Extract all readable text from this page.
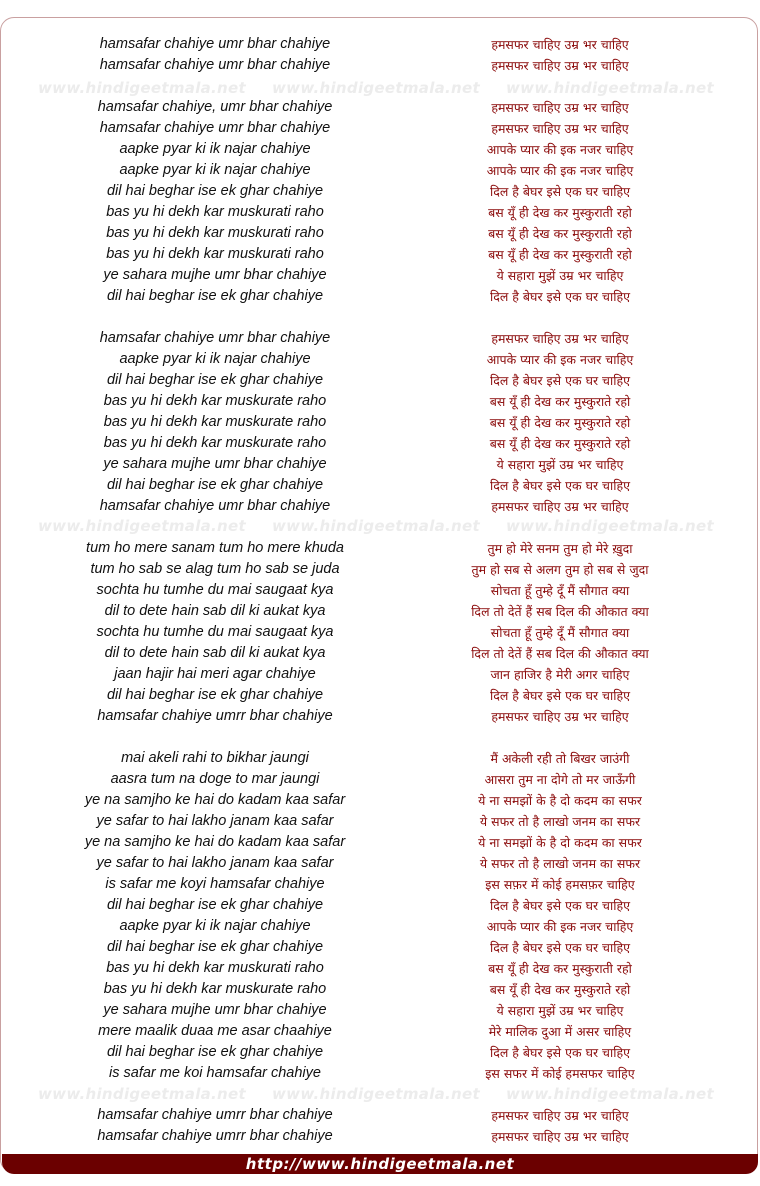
www.hindigeetmala.net www.hindigeetmala.net www.hindigeetmala.net
www.hindigeetmala.net www.hindigeetmala.net www.hindigeetmala.net
www.hindigeetmala.net www.hindigeetmala.net www.hindigeetmala.net
hamsafar chahiye umr bhar chahiye	हमसफर चाहिए उम्र भर चाहिए
hamsafar chahiye umr bhar chahiye	हमसफर चाहिए उम्र भर चाहिए
hamsafar chahiye, umr bhar chahiye	हमसफर चाहिए उम्र भर चाहिए
hamsafar chahiye umr bhar chahiye	हमसफर चाहिए उम्र भर चाहिए
aapke pyar ki ik najar chahiye	आपके प्यार की इक नजर चाहिए
aapke pyar ki ik najar chahiye	आपके प्यार की इक नजर चाहिए
dil hai beghar ise ek ghar chahiye	दिल है बेघर इसे एक घर चाहिए
bas yu hi dekh kar muskurati raho	बस यूँ ही देख कर मुस्कुराती रहो
bas yu hi dekh kar muskurati raho	बस यूँ ही देख कर मुस्कुराती रहो
bas yu hi dekh kar muskurati raho	बस यूँ ही देख कर मुस्कुराती रहो
ye sahara mujhe umr bhar chahiye	ये सहारा मुझें उम्र भर चाहिए
dil hai beghar ise ek ghar chahiye	दिल है बेघर इसे एक घर चाहिए
hamsafar chahiye umr bhar chahiye	हमसफर चाहिए उम्र भर चाहिए
aapke pyar ki ik najar chahiye	आपके प्यार की इक नजर चाहिए
dil hai beghar ise ek ghar chahiye	दिल है बेघर इसे एक घर चाहिए
bas yu hi dekh kar muskurate raho	बस यूँ ही देख कर मुस्कुराते रहो
bas yu hi dekh kar muskurate raho	बस यूँ ही देख कर मुस्कुराते रहो
bas yu hi dekh kar muskurate raho	बस यूँ ही देख कर मुस्कुराते रहो
ye sahara mujhe umr bhar chahiye	ये सहारा मुझें उम्र भर चाहिए
dil hai beghar ise ek ghar chahiye	दिल है बेघर इसे एक घर चाहिए
hamsafar chahiye umr bhar chahiye	हमसफर चाहिए उम्र भर चाहिए
tum ho mere sanam tum ho mere khuda	तुम हो मेरे सनम तुम हो मेरे ख़ुदा
tum ho sab se alag tum ho sab se juda	तुम हो सब से अलग तुम हो सब से जुदा
sochta hu tumhe du mai saugaat kya	सोचता हूँ तुम्हे दूँ मैं सौगात क्या
dil to dete hain sab dil ki aukat kya	दिल तो देतें हैं सब दिल की औकात क्या
sochta hu tumhe du mai saugaat kya	सोचता हूँ तुम्हे दूँ मैं सौगात क्या
dil to dete hain sab dil ki aukat kya	दिल तो देतें हैं सब दिल की औकात क्या
jaan hajir hai meri agar chahiye	जान हाजिर है मेरी अगर चाहिए
dil hai beghar ise ek ghar chahiye	दिल है बेघर इसे एक घर चाहिए
hamsafar chahiye umrr bhar chahiye	हमसफर चाहिए उम्र भर चाहिए
mai akeli rahi to bikhar jaungi	मैं अकेली रही तो बिखर जाउंगी
aasra tum na doge to mar jaungi	आसरा तुम ना दोगे तो मर जाऊँगी
ye na samjho ke hai do kadam kaa safar	ये ना समझों के है दो कदम का सफर
ye safar to hai lakho janam kaa safar	ये सफर तो है लाखो जनम का सफर
ye na samjho ke hai do kadam kaa safar	ये ना समझों के है दो कदम का सफर
ye safar to hai lakho janam kaa safar	ये सफर तो है लाखो जनम का सफर
is safar me koyi hamsafar chahiye	इस सफ़र में कोई हमसफ़र चाहिए
dil hai beghar ise ek ghar chahiye	दिल है बेघर इसे एक घर चाहिए
aapke pyar ki ik najar chahiye	आपके प्यार की इक नजर चाहिए
dil hai beghar ise ek ghar chahiye	दिल है बेघर इसे एक घर चाहिए
bas yu hi dekh kar muskurati raho	बस यूँ ही देख कर मुस्कुराती रहो
bas yu hi dekh kar muskurate raho	बस यूँ ही देख कर मुस्कुराते रहो
ye sahara mujhe umr bhar chahiye	ये सहारा मुझें उम्र भर चाहिए
mere maalik duaa me asar chaahiye	मेरे मालिक दुआ में असर चाहिए
dil hai beghar ise ek ghar chahiye	दिल है बेघर इसे एक घर चाहिए
is safar me koi hamsafar chahiye	इस सफर में कोई हमसफर चाहिए
hamsafar chahiye umrr bhar chahiye	हमसफर चाहिए उम्र भर चाहिए
hamsafar chahiye umrr bhar chahiye	हमसफर चाहिए उम्र भर चाहिए
http://www.hindigeetmala.net
